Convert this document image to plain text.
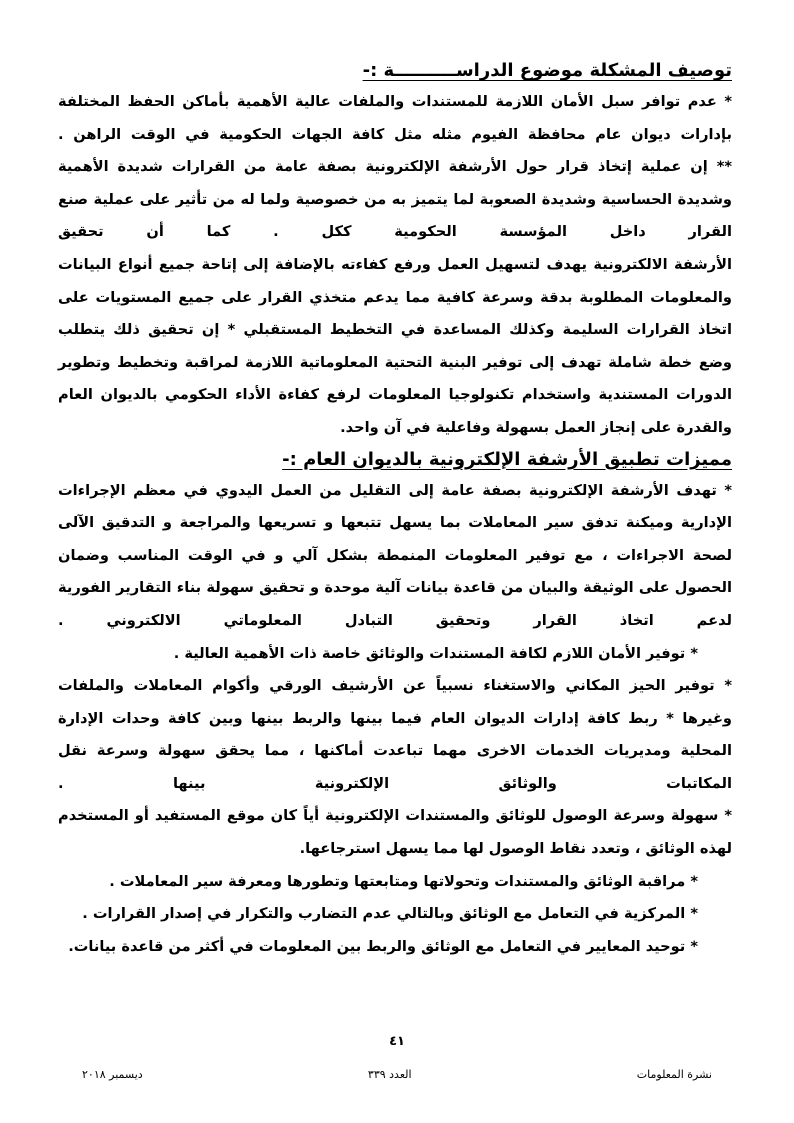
توصيف المشكلة موضوع الدراســــــــــة :-

* عدم توافر سبل الأمان اللازمة للمستندات والملفات عالية الأهمية بأماكن الحفظ المختلفة بإدارات ديوان عام محافظة الفيوم مثله مثل كافة الجهات الحكومية في الوقت الراهن .

** إن عملية إتخاذ قرار حول الأرشفة الإلكترونية بصفة عامة من القرارات شديدة الأهمية وشديدة الحساسية وشديدة الصعوبة لما يتميز به من خصوصية ولما له من تأثير على عملية صنع القرار داخل المؤسسة الحكومية ككل . كما أن تحقيق

الأرشفة الالكترونية يهدف لتسهيل العمل ورفع كفاءته بالإضافة إلى إتاحة جميع أنواع البيانات والمعلومات المطلوبة بدقة وسرعة كافية مما يدعم متخذي القرار على جميع المستويات على اتخاذ القرارات السليمة وكذلك المساعدة في التخطيط المستقبلي * إن تحقيق ذلك يتطلب وضع خطة شاملة تهدف إلى توفير البنية التحتية المعلوماتية اللازمة لمراقبة وتخطيط وتطوير الدورات المستندية واستخدام تكنولوجيا المعلومات لرفع كفاءة الأداء الحكومي بالديوان العام والقدرة على إنجاز العمل بسهولة وفاعلية في آن واحد.

مميزات تطبيق الأرشفة الإلكترونية بالديوان العام :-

* تهدف الأرشفة الإلكترونية بصفة عامة إلى التقليل من العمل اليدوي في معظم الإجراءات الإدارية وميكنة تدفق سير المعاملات بما يسهل تتبعها و تسريعها والمراجعة و التدقيق الآلى لصحة الاجراءات ، مع توفير المعلومات المنمطة بشكل آلي و في الوقت المناسب وضمان الحصول على الوثيقة والبيان من قاعدة بيانات آلية موحدة و تحقيق سهولة بناء التقارير الفورية لدعم اتخاذ القرار وتحقيق التبادل المعلوماتي الالكتروني .

* توفير الأمان اللازم لكافة المستندات والوثائق خاصة ذات الأهمية العالية .

* توفير الحيز المكاني والاستغناء نسبياً عن الأرشيف الورقي وأكوام المعاملات والملفات وغيرها * ربط كافة إدارات الديوان العام فيما بينها والربط بينها وبين كافة وحدات الإدارة المحلية ومديريات الخدمات الاخرى مهما تباعدت أماكنها ، مما يحقق سهولة وسرعة نقل المكاتبات والوثائق الإلكترونية بينها .

* سهولة وسرعة الوصول للوثائق والمستندات الإلكترونية أياً كان موقع المستفيد أو المستخدم لهذه الوثائق ، وتعدد نقاط الوصول لها مما يسهل استرجاعها.

* مراقبة الوثائق والمستندات وتحولاتها ومتابعتها وتطورها ومعرفة سير المعاملات .

* المركزية في التعامل مع الوثائق وبالتالي عدم التضارب والتكرار في إصدار القرارات .

* توحيد المعايير في التعامل مع الوثائق والربط بين المعلومات في أكثر من قاعدة بيانات.

٤١
نشرة المعلومات
العدد ٣٣٩
ديسمبر ٢٠١٨
